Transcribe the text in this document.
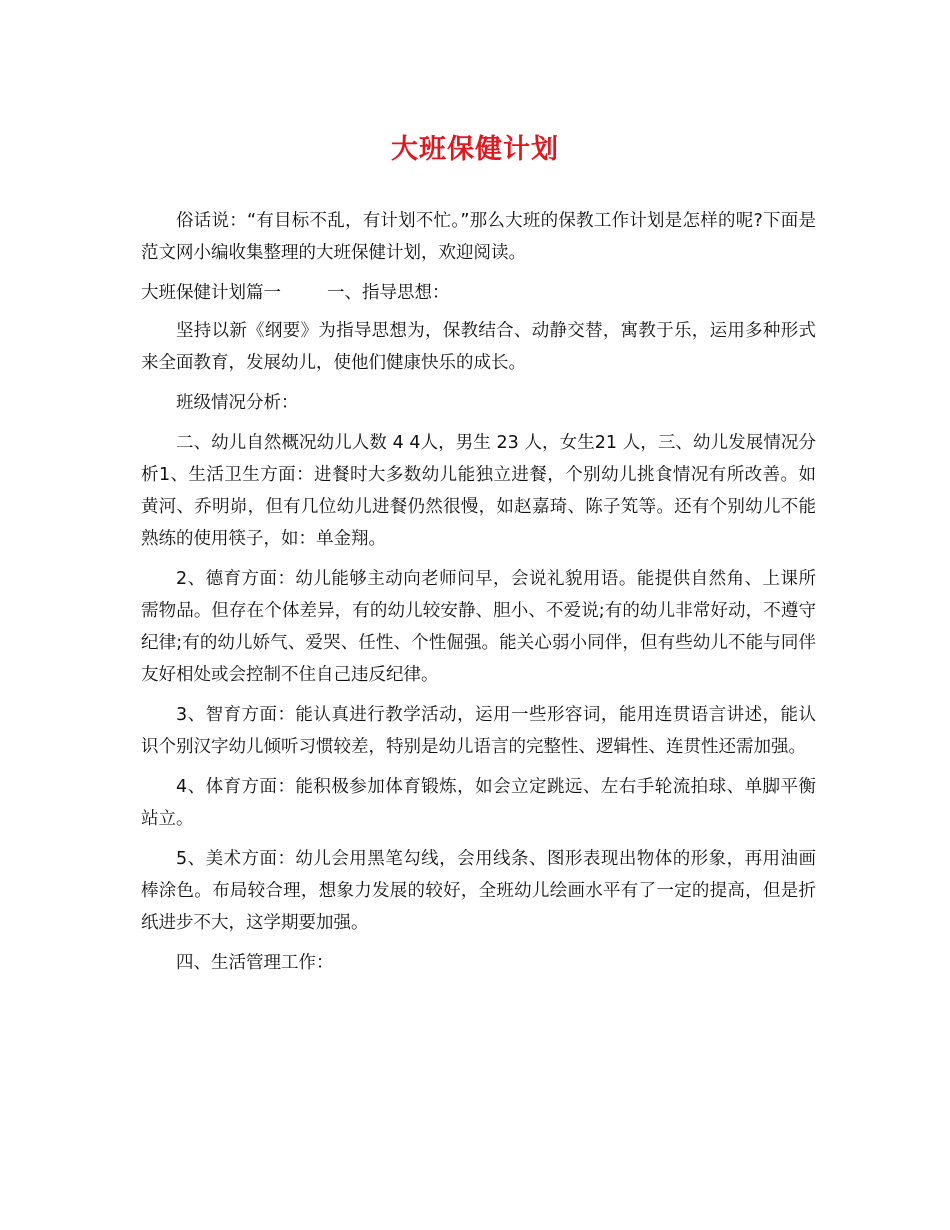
大班保健计划

俗话说：“有目标不乱，有计划不忙。”那么大班的保教工作计划是怎样的呢?下面是范文网小编收集整理的大班保健计划，欢迎阅读。

大班保健计划篇一	一、指导思想：

坚持以新《纲要》为指导思想为，保教结合、动静交替，寓教于乐，运用多种形式来全面教育，发展幼儿，使他们健康快乐的成长。

班级情况分析：

二、幼儿自然概况幼儿人数 4 4人，男生 23 人，女生21 人，三、幼儿发展情况分析1、生活卫生方面：进餐时大多数幼儿能独立进餐，个别幼儿挑食情况有所改善。如黄河、乔明峁，但有几位幼儿进餐仍然很慢，如赵嘉琦、陈子笂等。还有个别幼儿不能熟练的使用筷子，如：单金翔。

2、德育方面：幼儿能够主动向老师问早，会说礼貌用语。能提供自然角、上课所需物品。但存在个体差异，有的幼儿较安静、胆小、不爱说;有的幼儿非常好动，不遵守纪律;有的幼儿娇气、爱哭、任性、个性倔强。能关心弱小同伴，但有些幼儿不能与同伴友好相处或会控制不住自己违反纪律。

3、智育方面：能认真进行教学活动，运用一些形容词，能用连贯语言讲述，能认识个别汉字幼儿倾听习惯较差，特别是幼儿语言的完整性、逻辑性、连贯性还需加强。

4、体育方面：能积极参加体育锻炼，如会立定跳远、左右手轮流拍球、单脚平衡站立。

5、美术方面：幼儿会用黑笔勾线，会用线条、图形表现出物体的形象，再用油画棒涂色。布局较合理，想象力发展的较好，全班幼儿绘画水平有了一定的提高，但是折纸进步不大，这学期要加强。

四、生活管理工作：
